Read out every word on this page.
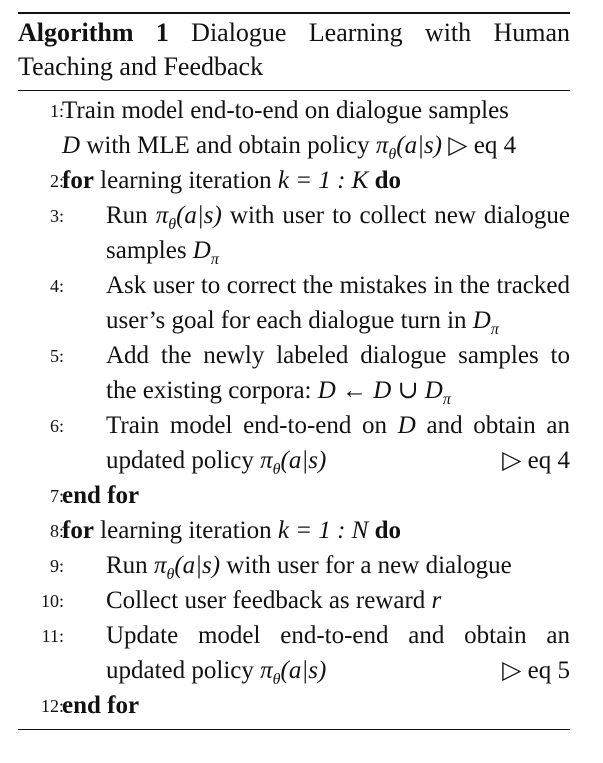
Algorithm 1 Dialogue Learning with Human Teaching and Feedback
1:
Train model end-to-end on dialogue samples
D with MLE and obtain policy $\pi_\theta(a|s)$ ▷ eq 4
2:
for learning iteration k = 1 : K do
3: Run $\pi_\theta(a|s)$ with user to collect new dialogue samples $D_\pi$
4: Ask user to correct the mistakes in the tracked user’s goal for each dialogue turn in $D_\pi$
5: Add the newly labeled dialogue samples to the existing corpora: D ← D ∪ $D_\pi$
6: Train model end-to-end on D and obtain an updated policy $\pi_\theta(a|s)$	▷ eq 4
7:
end for
8:
for learning iteration k = 1 : N do
9: Run $\pi_\theta(a|s)$ with user for a new dialogue
10: Collect user feedback as reward r
11: Update model end-to-end and obtain an updated policy $\pi_\theta(a|s)$	▷ eq 5
12:
end for
